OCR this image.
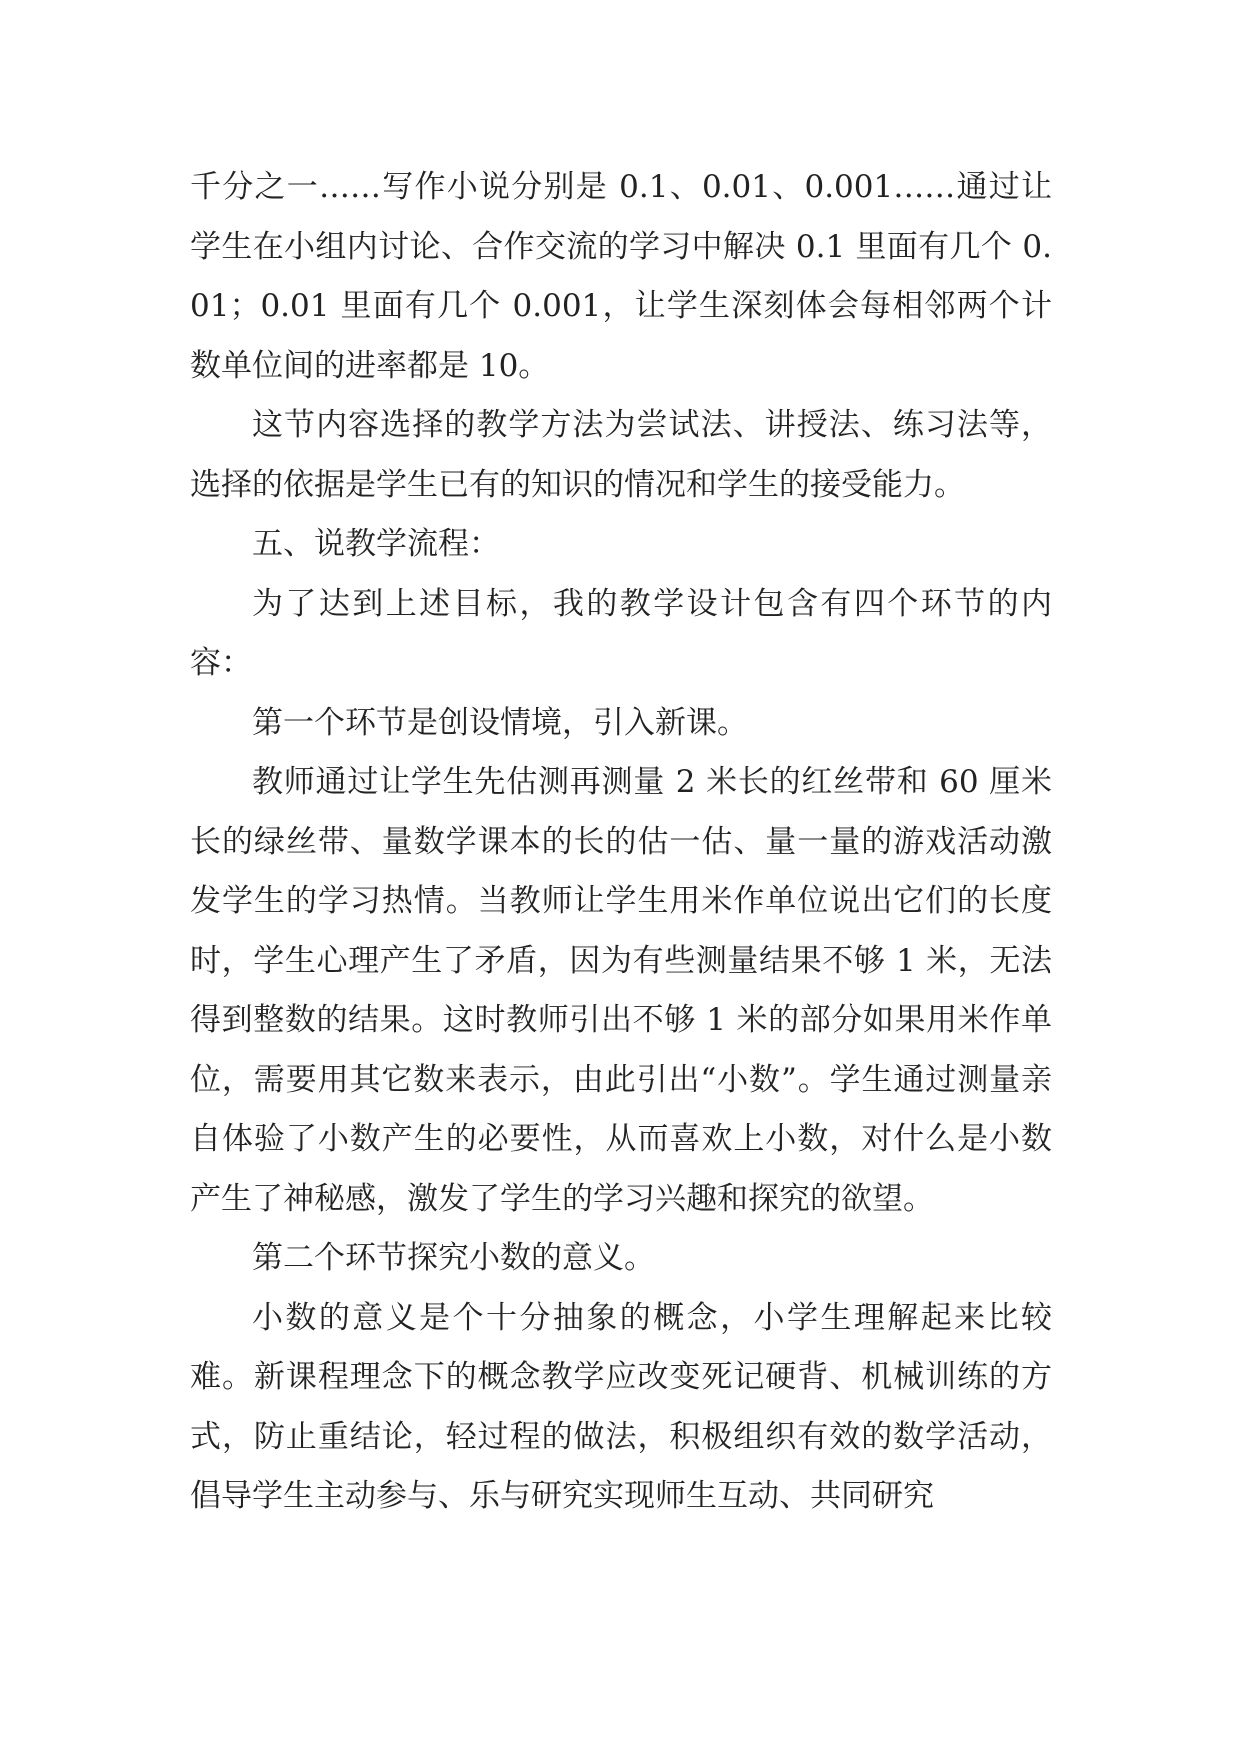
千分之一……写作小说分别是 0.1、0.01、0.001……通过让学生在小组内讨论、合作交流的学习中解决 0.1 里面有几个 0.01；0.01 里面有几个 0.001，让学生深刻体会每相邻两个计数单位间的进率都是 10。

这节内容选择的教学方法为尝试法、讲授法、练习法等，选择的依据是学生已有的知识的情况和学生的接受能力。

五、说教学流程：

为了达到上述目标，我的教学设计包含有四个环节的内容：

第一个环节是创设情境，引入新课。

教师通过让学生先估测再测量 2 米长的红丝带和 60 厘米长的绿丝带、量数学课本的长的估一估、量一量的游戏活动激发学生的学习热情。当教师让学生用米作单位说出它们的长度时，学生心理产生了矛盾，因为有些测量结果不够 1 米，无法得到整数的结果。这时教师引出不够 1 米的部分如果用米作单位，需要用其它数来表示，由此引出“小数”。学生通过测量亲自体验了小数产生的必要性，从而喜欢上小数，对什么是小数产生了神秘感，激发了学生的学习兴趣和探究的欲望。

第二个环节探究小数的意义。

小数的意义是个十分抽象的概念，小学生理解起来比较难。新课程理念下的概念教学应改变死记硬背、机械训练的方式，防止重结论，轻过程的做法，积极组织有效的数学活动，倡导学生主动参与、乐与研究实现师生互动、共同研究
